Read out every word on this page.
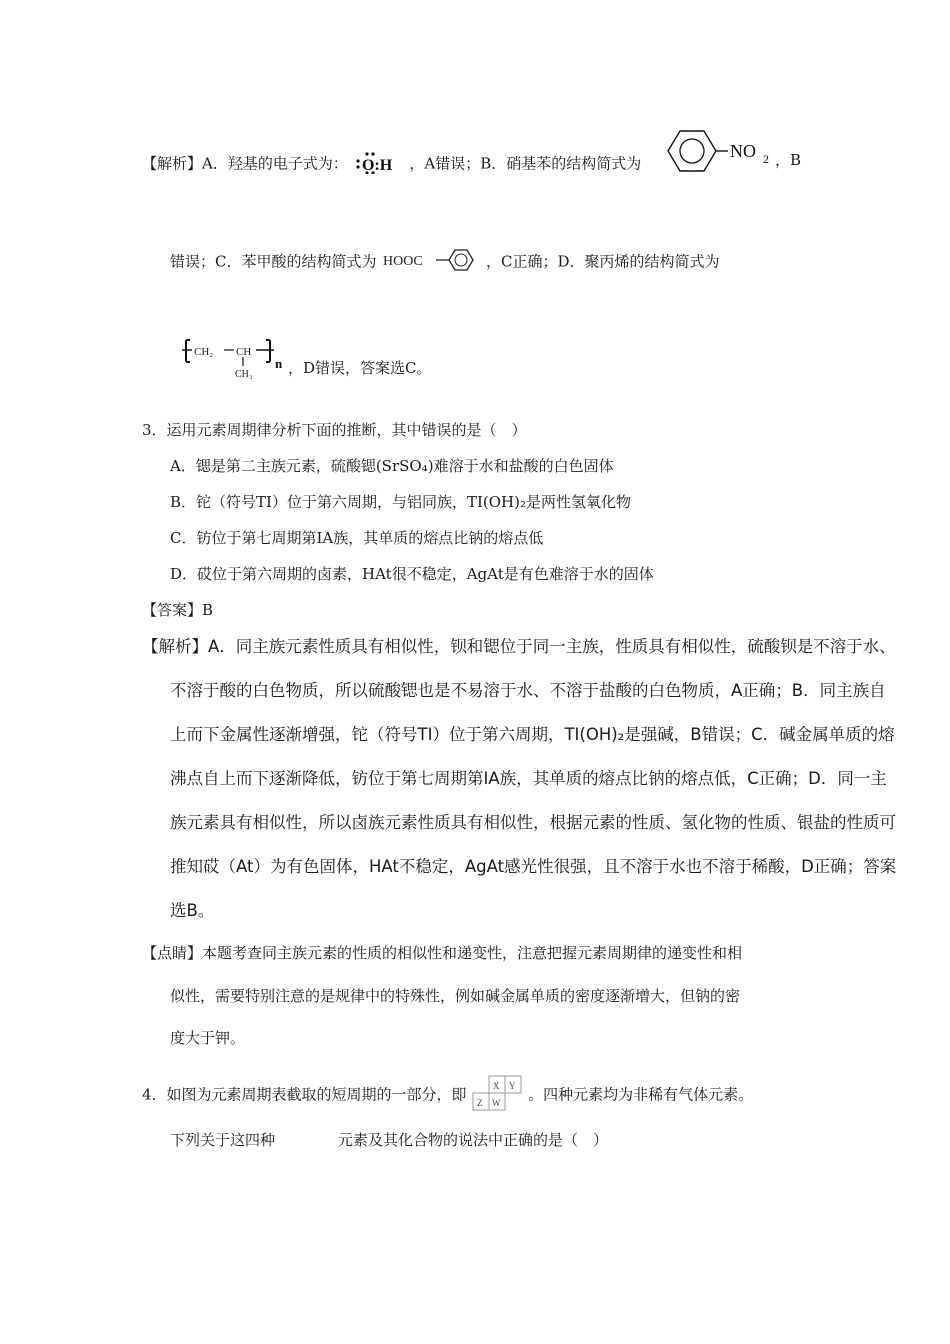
【解析】A．羟基的电子式为： O:H ，A错误；B．硝基苯的结构简式为
NO 2 ，B
错误；C．苯甲酸的结构简式为 HOOC	，C正确；D．聚丙烯的结构简式为
CH₂ CH
CH₃
n ，D错误，答案选C。
3．运用元素周期律分析下面的推断，其中错误的是（　）
A．锶是第二主族元素，硫酸锶(SrSO₄)难溶于水和盐酸的白色固体
B．铊（符号TI）位于第六周期，与铝同族，TI(OH)₂是两性氢氧化物
C．钫位于第七周期第IA族，其单质的熔点比钠的熔点低
D．砹位于第六周期的卤素，HAt很不稳定，AgAt是有色难溶于水的固体
【答案】B
【解析】A．同主族元素性质具有相似性，钡和锶位于同一主族，性质具有相似性，硫酸钡是不溶于水、
不溶于酸的白色物质，所以硫酸锶也是不易溶于水、不溶于盐酸的白色物质，A正确；B．同主族自
上而下金属性逐渐增强，铊（符号TI）位于第六周期，TI(OH)₂是强碱，B错误；C．碱金属单质的熔
沸点自上而下逐渐降低，钫位于第七周期第IA族，其单质的熔点比钠的熔点低，C正确；D．同一主
族元素具有相似性，所以卤族元素性质具有相似性，根据元素的性质、氢化物的性质、银盐的性质可
推知砹（At）为有色固体，HAt不稳定，AgAt感光性很强，且不溶于水也不溶于稀酸，D正确；答案
选B。
【点睛】本题考查同主族元素的性质的相似性和递变性，注意把握元素周期律的递变性和相
似性，需要特别注意的是规律中的特殊性，例如碱金属单质的密度逐渐增大，但钠的密
度大于钾。
4．如图为元素周期表截取的短周期的一部分，即	X Y
Z W 。四种元素均为非稀有气体元素。
下列关于这四种	元素及其化合物的说法中正确的是（　）
